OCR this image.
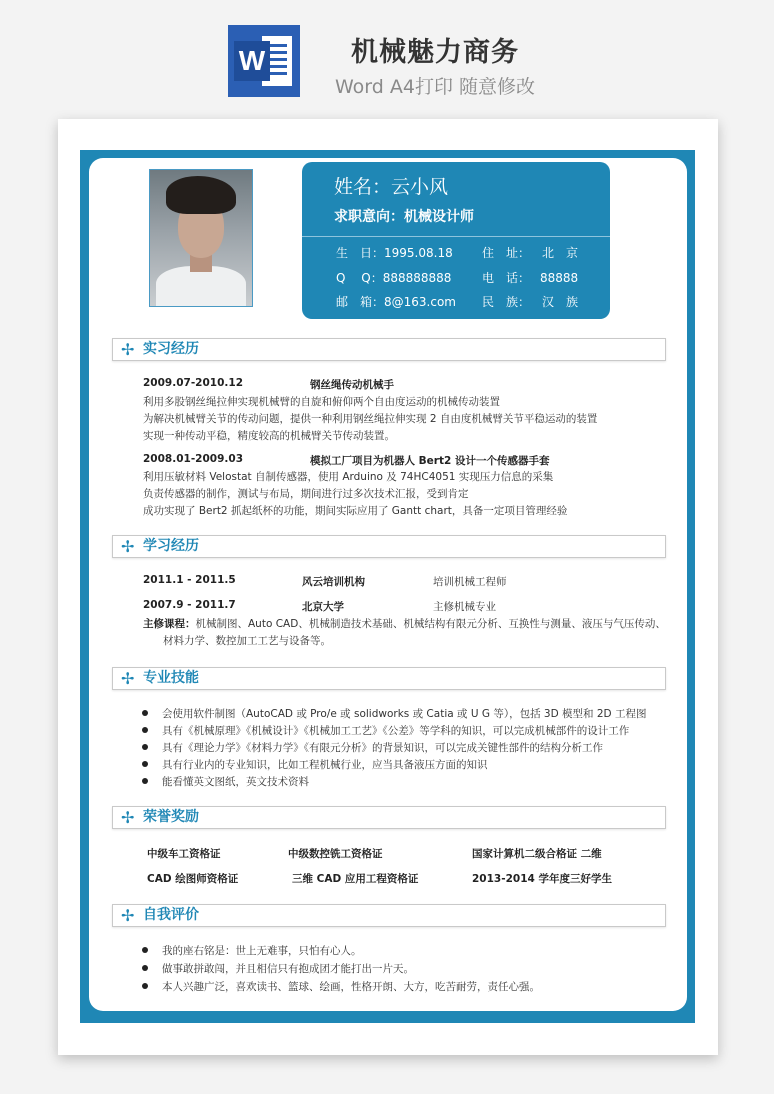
W	机械魅力商务
Word A4打印 随意修改
姓名：云小风
求职意向：机械设计师
生　日：1995.08.18 住　址： 北　京
Q　 Q：888888888	电　话： 88888
邮　箱：8@163.com 民　族： 汉　族
✢ 实习经历
2009.07-2010.12	钢丝绳传动机械手
利用多股钢丝绳拉伸实现机械臂的自旋和俯仰两个自由度运动的机械传动装置
为解决机械臂关节的传动问题，提供一种利用钢丝绳拉伸实现 2 自由度机械臂关节平稳运动的装置
实现一种传动平稳，精度较高的机械臂关节传动装置。
2008.01-2009.03	模拟工厂项目为机器人 Bert2 设计一个传感器手套
利用压敏材料 Velostat 自制传感器，使用 Arduino 及 74HC4051 实现压力信息的采集
负责传感器的制作，测试与布局，期间进行过多次技术汇报，受到肯定
成功实现了 Bert2 抓起纸杯的功能，期间实际应用了 Gantt chart，具备一定项目管理经验
✢ 学习经历
2011.1 - 2011.5	风云培训机构	培训机械工程师
2007.9 - 2011.7	北京大学	主修机械专业
主修课程：机械制图、Auto CAD、机械制造技术基础、机械结构有限元分析、互换性与测量、液压与气压传动、
材料力学、数控加工工艺与设备等。
✢ 专业技能
会使用软件制图（AutoCAD 或 Pro/e 或 solidworks 或 Catia 或 U G 等），包括 3D 模型和 2D 工程图
具有《机械原理》《机械设计》《机械加工工艺》《公差》等学科的知识，可以完成机械部件的设计工作
具有《理论力学》《材料力学》《有限元分析》的背景知识，可以完成关键性部件的结构分析工作
具有行业内的专业知识，比如工程机械行业，应当具备液压方面的知识
能看懂英文图纸，英文技术资料
✢ 荣誉奖励
中级车工资格证	中级数控铣工资格证	国家计算机二级合格证 二维
CAD 绘图师资格证	三维 CAD 应用工程资格证	2013-2014 学年度三好学生
✢ 自我评价
我的座右铭是：世上无难事，只怕有心人。
做事敢拼敢闯，并且相信只有抱成团才能打出一片天。
本人兴趣广泛，喜欢读书、篮球、绘画，性格开朗、大方，吃苦耐劳，责任心强。
